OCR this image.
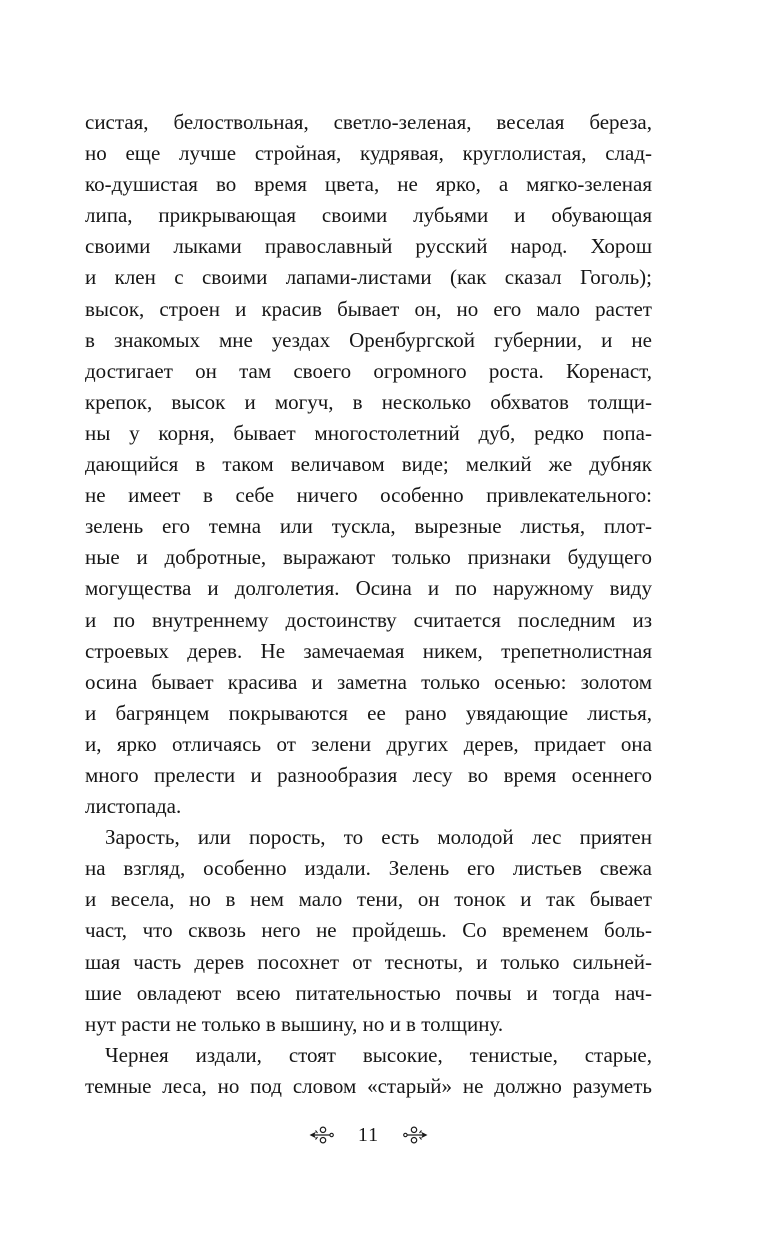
систая, белоствольная, светло-зеленая, веселая береза,
но еще лучше стройная, кудрявая, круглолистая, слад-
ко-душистая во время цвета, не ярко, а мягко-зеленая
липа, прикрывающая своими лубьями и обувающая
своими лыками православный русский народ. Хорош
и клен с своими лапами-листами (как сказал Гоголь);
высок, строен и красив бывает он, но его мало растет
в знакомых мне уездах Оренбургской губернии, и не
достигает он там своего огромного роста. Коренаст,
крепок, высок и могуч, в несколько обхватов толщи-
ны у корня, бывает многостолетний дуб, редко попа-
дающийся в таком величавом виде; мелкий же дубняк
не имеет в себе ничего особенно привлекательного:
зелень его темна или тускла, вырезные листья, плот-
ные и добротные, выражают только признаки будущего
могущества и долголетия. Осина и по наружному виду
и по внутреннему достоинству считается последним из
строевых дерев. Не замечаемая никем, трепетнолистная
осина бывает красива и заметна только осенью: золотом
и багрянцем покрываются ее рано увядающие листья,
и, ярко отличаясь от зелени других дерев, придает она
много прелести и разнообразия лесу во время осеннего
листопада.
Зарость, или порость, то есть молодой лес приятен
на взгляд, особенно издали. Зелень его листьев свежа
и весела, но в нем мало тени, он тонок и так бывает
част, что сквозь него не пройдешь. Со временем боль-
шая часть дерев посохнет от тесноты, и только сильней-
шие овладеют всею питательностью почвы и тогда нач-
нут расти не только в вышину, но и в толщину.
Чернея издали, стоят высокие, тенистые, старые,
темные леса, но под словом «старый» не должно разуметь
11
